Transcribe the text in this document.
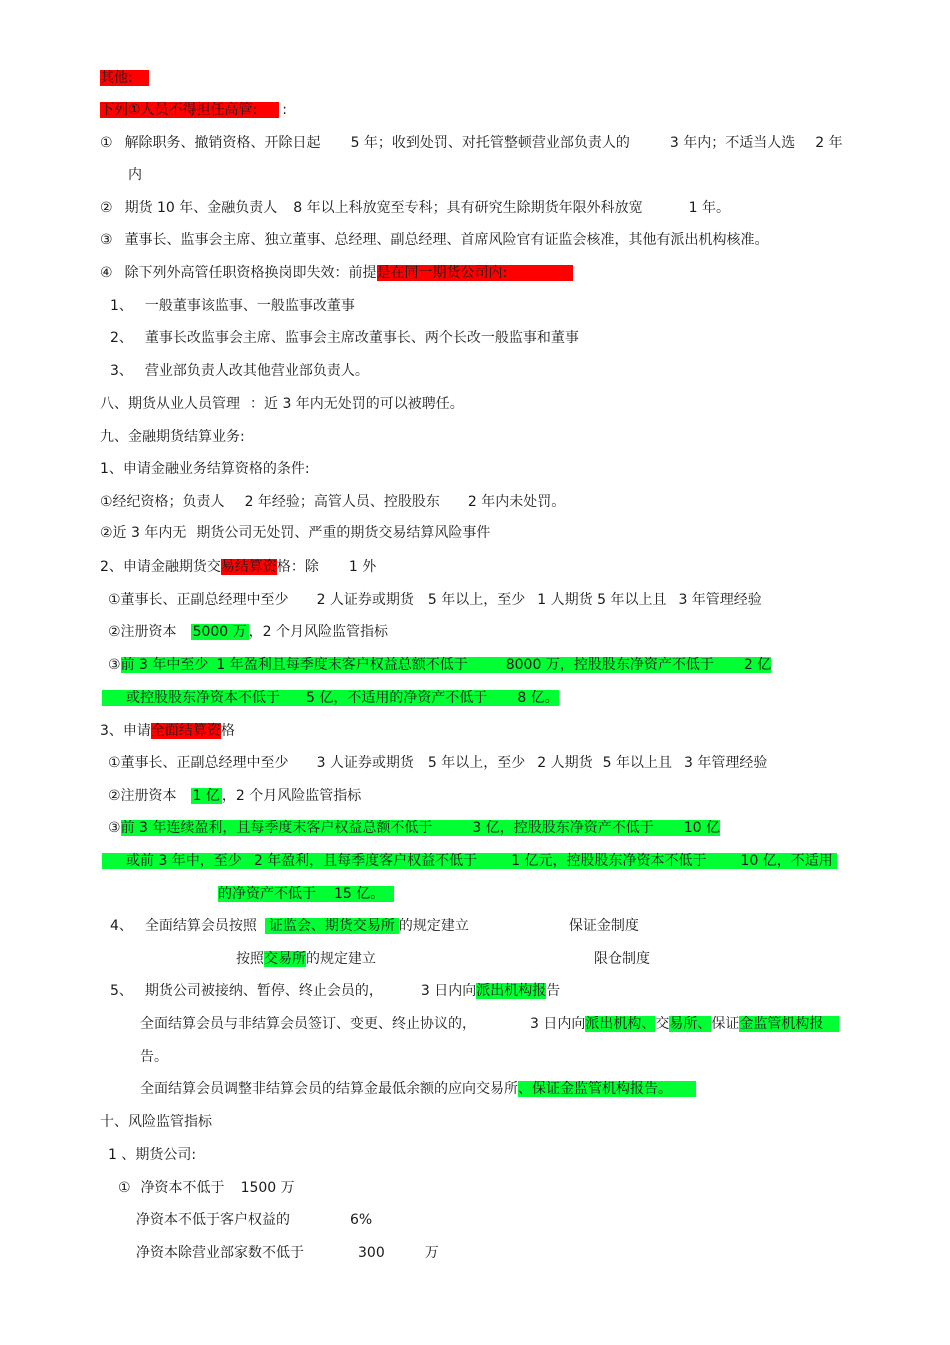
其他:
下列①人员不得担任高管: :
① 解除职务、撤销资格、开除日起 5 年；收到处罚、对托管整顿营业部负责人的	3 年内；不适当人选 2 年
内
② 期货 10 年、金融负责人 8 年以上科放宽至专科；具有研究生除期货年限外科放宽	1 年。
③ 董事长、监事会主席、独立董事、总经理、副总经理、首席风险官有证监会核准，其他有派出机构核准。
④ 除下列外高管任职资格换岗即失效：前提是在同一期货公司内:
1、 一般董事该监事、一般监事改董事
2、 董事长改监事会主席、监事会主席改董事长、两个长改一般监事和董事
3、 营业部负责人改其他营业部负责人。
八、期货从业人员管理 ：近 3 年内无处罚的可以被聘任。
九、金融期货结算业务:
1、申请金融业务结算资格的条件:
①经纪资格；负责人 2 年经验；高管人员、控股股东 2 年内未处罚。
②近 3 年内无 期货公司无处罚、严重的期货交易结算风险事件
2、申请金融期货交易结算资格：除 1 外
①董事长、正副总经理中至少 2 人证券或期货 5 年以上，至少 1 人期货 5 年以上且 3 年管理经验
②注册资本 5000 万 ，2 个月风险监管指标
③前 3 年中至少 1 年盈利且每季度末客户权益总额不低于	8000 万，控股股东净资产不低于 2 亿
或控股股东净资本不低于 5 亿，不适用的净资产不低于 8 亿。
3、申请全面结算资格
①董事长、正副总经理中至少 3 人证券或期货 5 年以上，至少 2 人期货 5 年以上且 3 年管理经验
②注册资本 1 亿 ，2 个月风险监管指标
③前 3 年连续盈利，且每季度末客户权益总额不低于	3 亿，控股股东净资产不低于 10 亿
或前 3 年中，至少 2 年盈利，且每季度客户权益不低于 1 亿元，控股股东净资本不低于 10 亿，不适用
的净资产不低于 15 亿。
4、 全面结算会员按照 证监会、期货交易所 的规定建立	保证金制度
按照交易所的规定建立	限仓制度
5、 期货公司被接纳、暂停、终止会员的，	3 日内向派出机构报告
全面结算会员与非结算会员签订、变更、终止协议的，	3 日内向派出机构、交易所、保证金监管机构报
告。
全面结算会员调整非结算会员的结算金最低余额的应向交易所、保证金监管机构报告。
十、风险监管指标
1 、期货公司:
① 净资本不低于 1500 万
净资本不低于客户权益的	6%
净资本除营业部家数不低于	300	万
